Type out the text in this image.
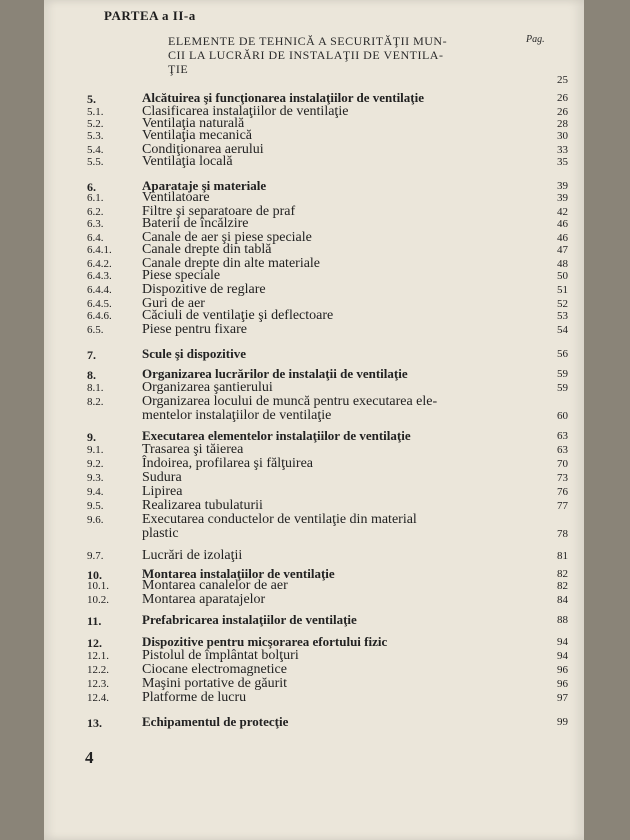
PARTEA a II-a
Pag.
ELEMENTE DE TEHNICĂ A SECURITĂŢII MUN-
CII LA LUCRĂRI DE INSTALAŢII DE VENTILA-
ŢIE
25
5.	Alcătuirea şi funcţionarea instalaţiilor de ventilaţie	26
5.1.	Clasificarea instalaţiilor de ventilaţie	26
5.2.	Ventilaţia naturală	28
5.3.	Ventilaţia mecanică	30
5.4.	Condiţionarea aerului	33
5.5.	Ventilaţia locală	35
6.	Aparataje şi materiale	39
6.1.	Ventilatoare	39
6.2.	Filtre şi separatoare de praf	42
6.3.	Baterii de încălzire	46
6.4.	Canale de aer şi piese speciale	46
6.4.1. Canale drepte din tablă	47
6.4.2. Canale drepte din alte materiale	48
6.4.3. Piese speciale	50
6.4.4. Dispozitive de reglare	51
6.4.5. Guri de aer	52
6.4.6. Căciuli de ventilaţie şi deflectoare	53
6.5.	Piese pentru fixare	54
7.	Scule şi dispozitive	56
8.	Organizarea lucrărilor de instalaţii de ventilaţie	59
8.1.	Organizarea şantierului	59
8.2.	Organizarea locului de muncă pentru executarea ele-
mentelor instalaţiilor de ventilaţie	60
9.	Executarea elementelor instalaţiilor de ventilaţie	63
9.1.	Trasarea şi tăierea	63
9.2.	Îndoirea, profilarea şi fălţuirea	70
9.3.	Sudura	73
9.4.	Lipirea	76
9.5.	Realizarea tubulaturii	77
9.6.	Executarea conductelor de ventilaţie din material
plastic	78
9.7.	Lucrări de izolaţii	81
10.	Montarea instalaţiilor de ventilaţie	82
10.1. Montarea canalelor de aer	82
10.2. Montarea aparatajelor	84
11.	Prefabricarea instalaţiilor de ventilaţie	88
12.	Dispozitive pentru micşorarea efortului fizic	94
12.1. Pistolul de împlântat bolţuri	94
12.2. Ciocane electromagnetice	96
12.3. Maşini portative de găurit	96
12.4. Platforme de lucru	97
13.	Echipamentul de protecţie	99
4
